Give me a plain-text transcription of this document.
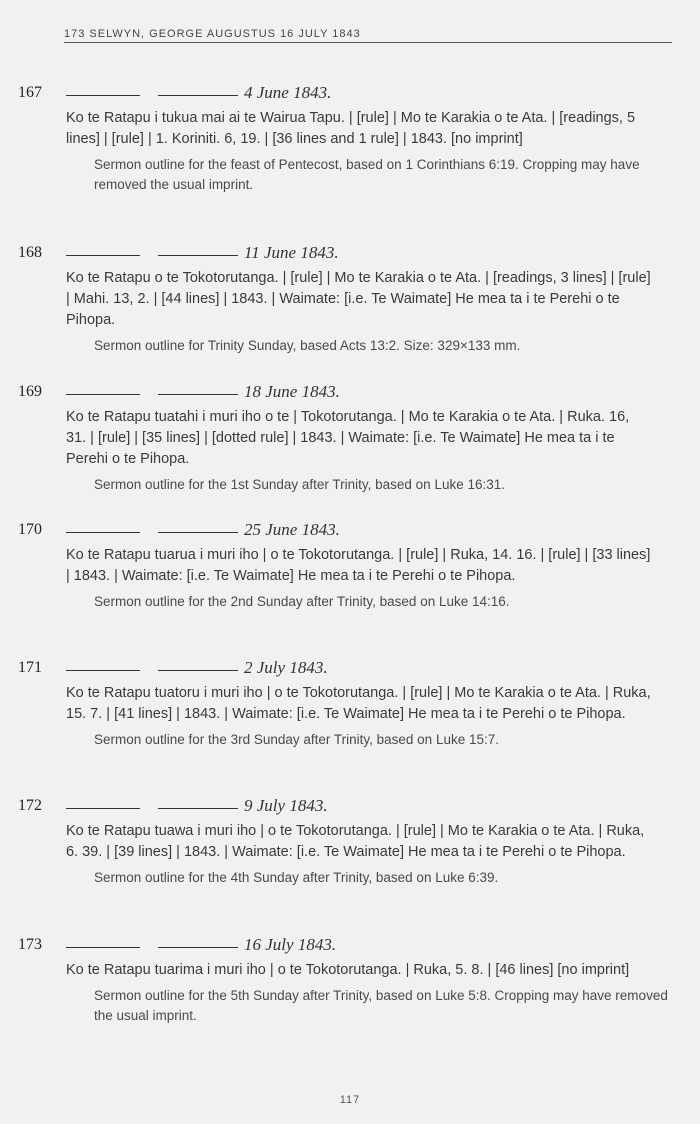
173 SELWYN, GEORGE AUGUSTUS 16 JULY 1843
167	4 June 1843.
Ko te Ratapu i tukua mai ai te Wairua Tapu. | [rule] | Mo te Karakia o te Ata. | [readings, 5 lines] | [rule] | 1. Koriniti. 6, 19. | [36 lines and 1 rule] | 1843. [no imprint]
Sermon outline for the feast of Pentecost, based on 1 Corinthians 6:19. Cropping may have removed the usual imprint.
168	11 June 1843.
Ko te Ratapu o te Tokotorutanga. | [rule] | Mo te Karakia o te Ata. | [readings, 3 lines] | [rule] | Mahi. 13, 2. | [44 lines] | 1843. | Waimate: [i.e. Te Waimate] He mea ta i te Perehi o te Pihopa.
Sermon outline for Trinity Sunday, based Acts 13:2. Size: 329×133 mm.
169	18 June 1843.
Ko te Ratapu tuatahi i muri iho o te | Tokotorutanga. | Mo te Karakia o te Ata. | Ruka. 16, 31. | [rule] | [35 lines] | [dotted rule] | 1843. | Waimate: [i.e. Te Waimate] He mea ta i te Perehi o te Pihopa.
Sermon outline for the 1st Sunday after Trinity, based on Luke 16:31.
170	25 June 1843.
Ko te Ratapu tuarua i muri iho | o te Tokotorutanga. | [rule] | Ruka, 14. 16. | [rule] | [33 lines] | 1843. | Waimate: [i.e. Te Waimate] He mea ta i te Perehi o te Pihopa.
Sermon outline for the 2nd Sunday after Trinity, based on Luke 14:16.
171	2 July 1843.
Ko te Ratapu tuatoru i muri iho | o te Tokotorutanga. | [rule] | Mo te Karakia o te Ata. | Ruka, 15. 7. | [41 lines] | 1843. | Waimate: [i.e. Te Waimate] He mea ta i te Perehi o te Pihopa.
Sermon outline for the 3rd Sunday after Trinity, based on Luke 15:7.
172	9 July 1843.
Ko te Ratapu tuawa i muri iho | o te Tokotorutanga. | [rule] | Mo te Karakia o te Ata. | Ruka, 6. 39. | [39 lines] | 1843. | Waimate: [i.e. Te Waimate] He mea ta i te Perehi o te Pihopa.
Sermon outline for the 4th Sunday after Trinity, based on Luke 6:39.
173	16 July 1843.
Ko te Ratapu tuarima i muri iho | o te Tokotorutanga. | Ruka, 5. 8. | [46 lines] [no imprint]
Sermon outline for the 5th Sunday after Trinity, based on Luke 5:8. Cropping may have removed the usual imprint.
117
